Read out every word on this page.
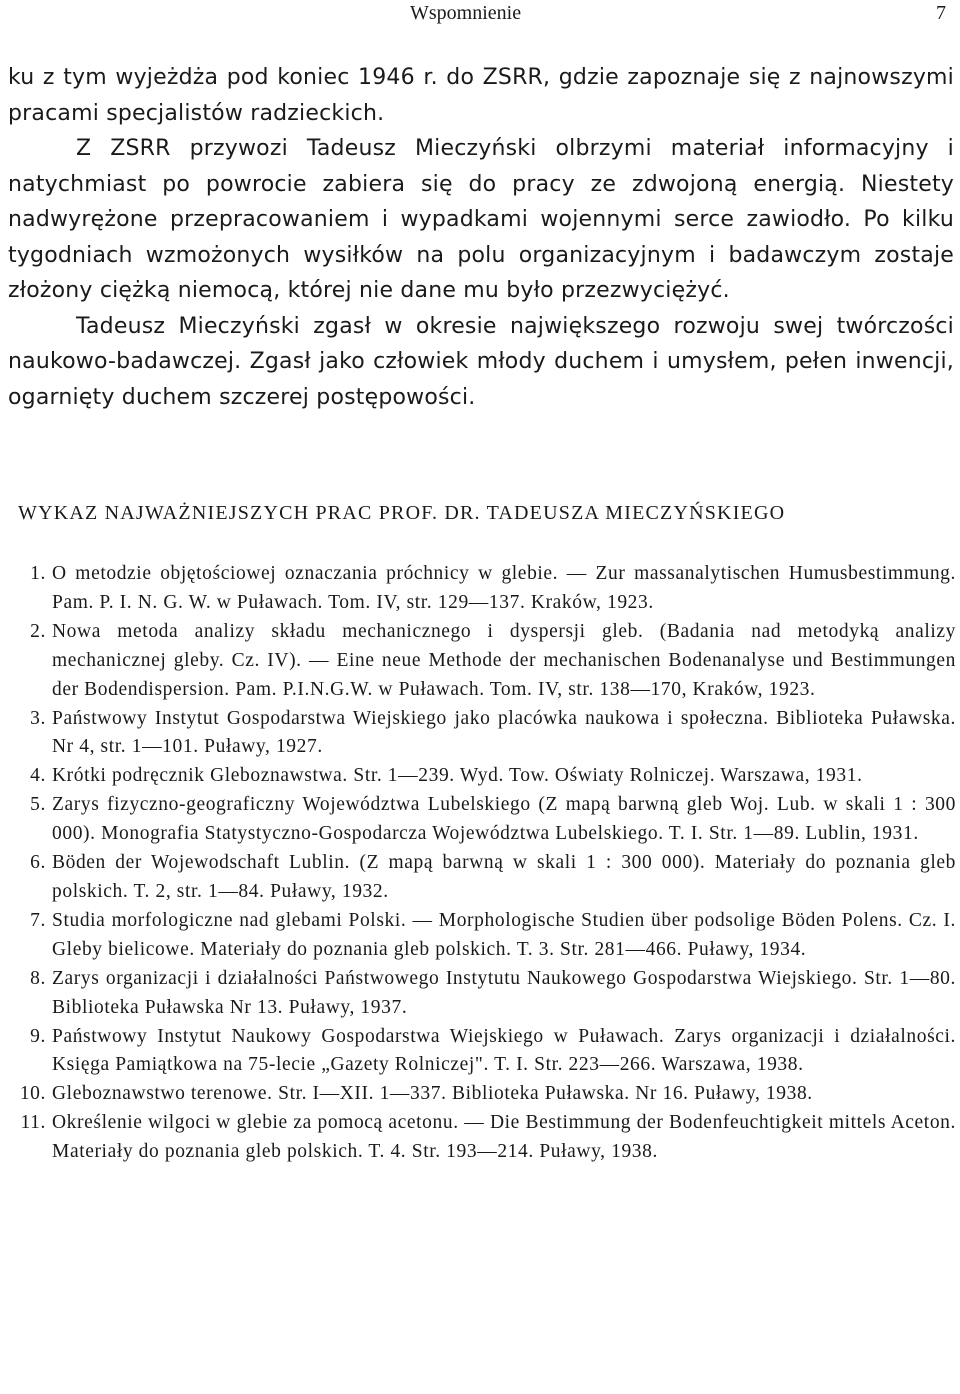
Wspomnienie	7

ku z tym wyjeżdża pod koniec 1946 r. do ZSRR, gdzie zapoznaje się z najnowszymi pracami specjalistów radzieckich.

Z ZSRR przywozi Tadeusz Mieczyński olbrzymi materiał informacyjny i natychmiast po powrocie zabiera się do pracy ze zdwojoną energią. Niestety nadwyrężone przepracowaniem i wypadkami wojennymi serce zawiodło. Po kilku tygodniach wzmożonych wysiłków na polu organizacyjnym i badawczym zostaje złożony ciężką niemocą, której nie dane mu było przezwyciężyć.

Tadeusz Mieczyński zgasł w okresie największego rozwoju swej twórczości naukowo-badawczej. Zgasł jako człowiek młody duchem i umysłem, pełen inwencji, ogarnięty duchem szczerej postępowości.

WYKAZ NAJWAŻNIEJSZYCH PRAC PROF. DR. TADEUSZA MIECZYŃSKIEGO
1. O metodzie objętościowej oznaczania próchnicy w glebie. — Zur massanalytischen Humusbestimmung. Pam. P. I. N. G. W. w Puławach. Tom. IV, str. 129—137. Kraków, 1923.
2. Nowa metoda analizy składu mechanicznego i dyspersji gleb. (Badania nad metodyką analizy mechanicznej gleby. Cz. IV). — Eine neue Methode der mechanischen Bodenanalyse und Bestimmungen der Bodendispersion. Pam. P.I.N.G.W. w Puławach. Tom. IV, str. 138—170, Kraków, 1923.
3. Państwowy Instytut Gospodarstwa Wiejskiego jako placówka naukowa i społeczna. Biblioteka Puławska. Nr 4, str. 1—101. Puławy, 1927.
4. Krótki podręcznik Gleboznawstwa. Str. 1—239. Wyd. Tow. Oświaty Rolniczej. Warszawa, 1931.
5. Zarys fizyczno-geograficzny Województwa Lubelskiego (Z mapą barwną gleb Woj. Lub. w skali 1 : 300 000). Monografia Statystyczno-Gospodarcza Województwa Lubelskiego. T. I. Str. 1—89. Lublin, 1931.
6. Böden der Wojewodschaft Lublin. (Z mapą barwną w skali 1 : 300 000). Materiały do poznania gleb polskich. T. 2, str. 1—84. Puławy, 1932.
7. Studia morfologiczne nad glebami Polski. — Morphologische Studien über podsolige Böden Polens. Cz. I. Gleby bielicowe. Materiały do poznania gleb polskich. T. 3. Str. 281—466. Puławy, 1934.
8. Zarys organizacji i działalności Państwowego Instytutu Naukowego Gospodarstwa Wiejskiego. Str. 1—80. Biblioteka Puławska Nr 13. Puławy, 1937.
9. Państwowy Instytut Naukowy Gospodarstwa Wiejskiego w Puławach. Zarys organizacji i działalności. Księga Pamiątkowa na 75-lecie „Gazety Rolniczej". T. I. Str. 223—266. Warszawa, 1938.
10. Gleboznawstwo terenowe. Str. I—XII. 1—337. Biblioteka Puławska. Nr 16. Puławy, 1938.
11. Określenie wilgoci w glebie za pomocą acetonu. — Die Bestimmung der Bodenfeuchtigkeit mittels Aceton. Materiały do poznania gleb polskich. T. 4. Str. 193—214. Puławy, 1938.
